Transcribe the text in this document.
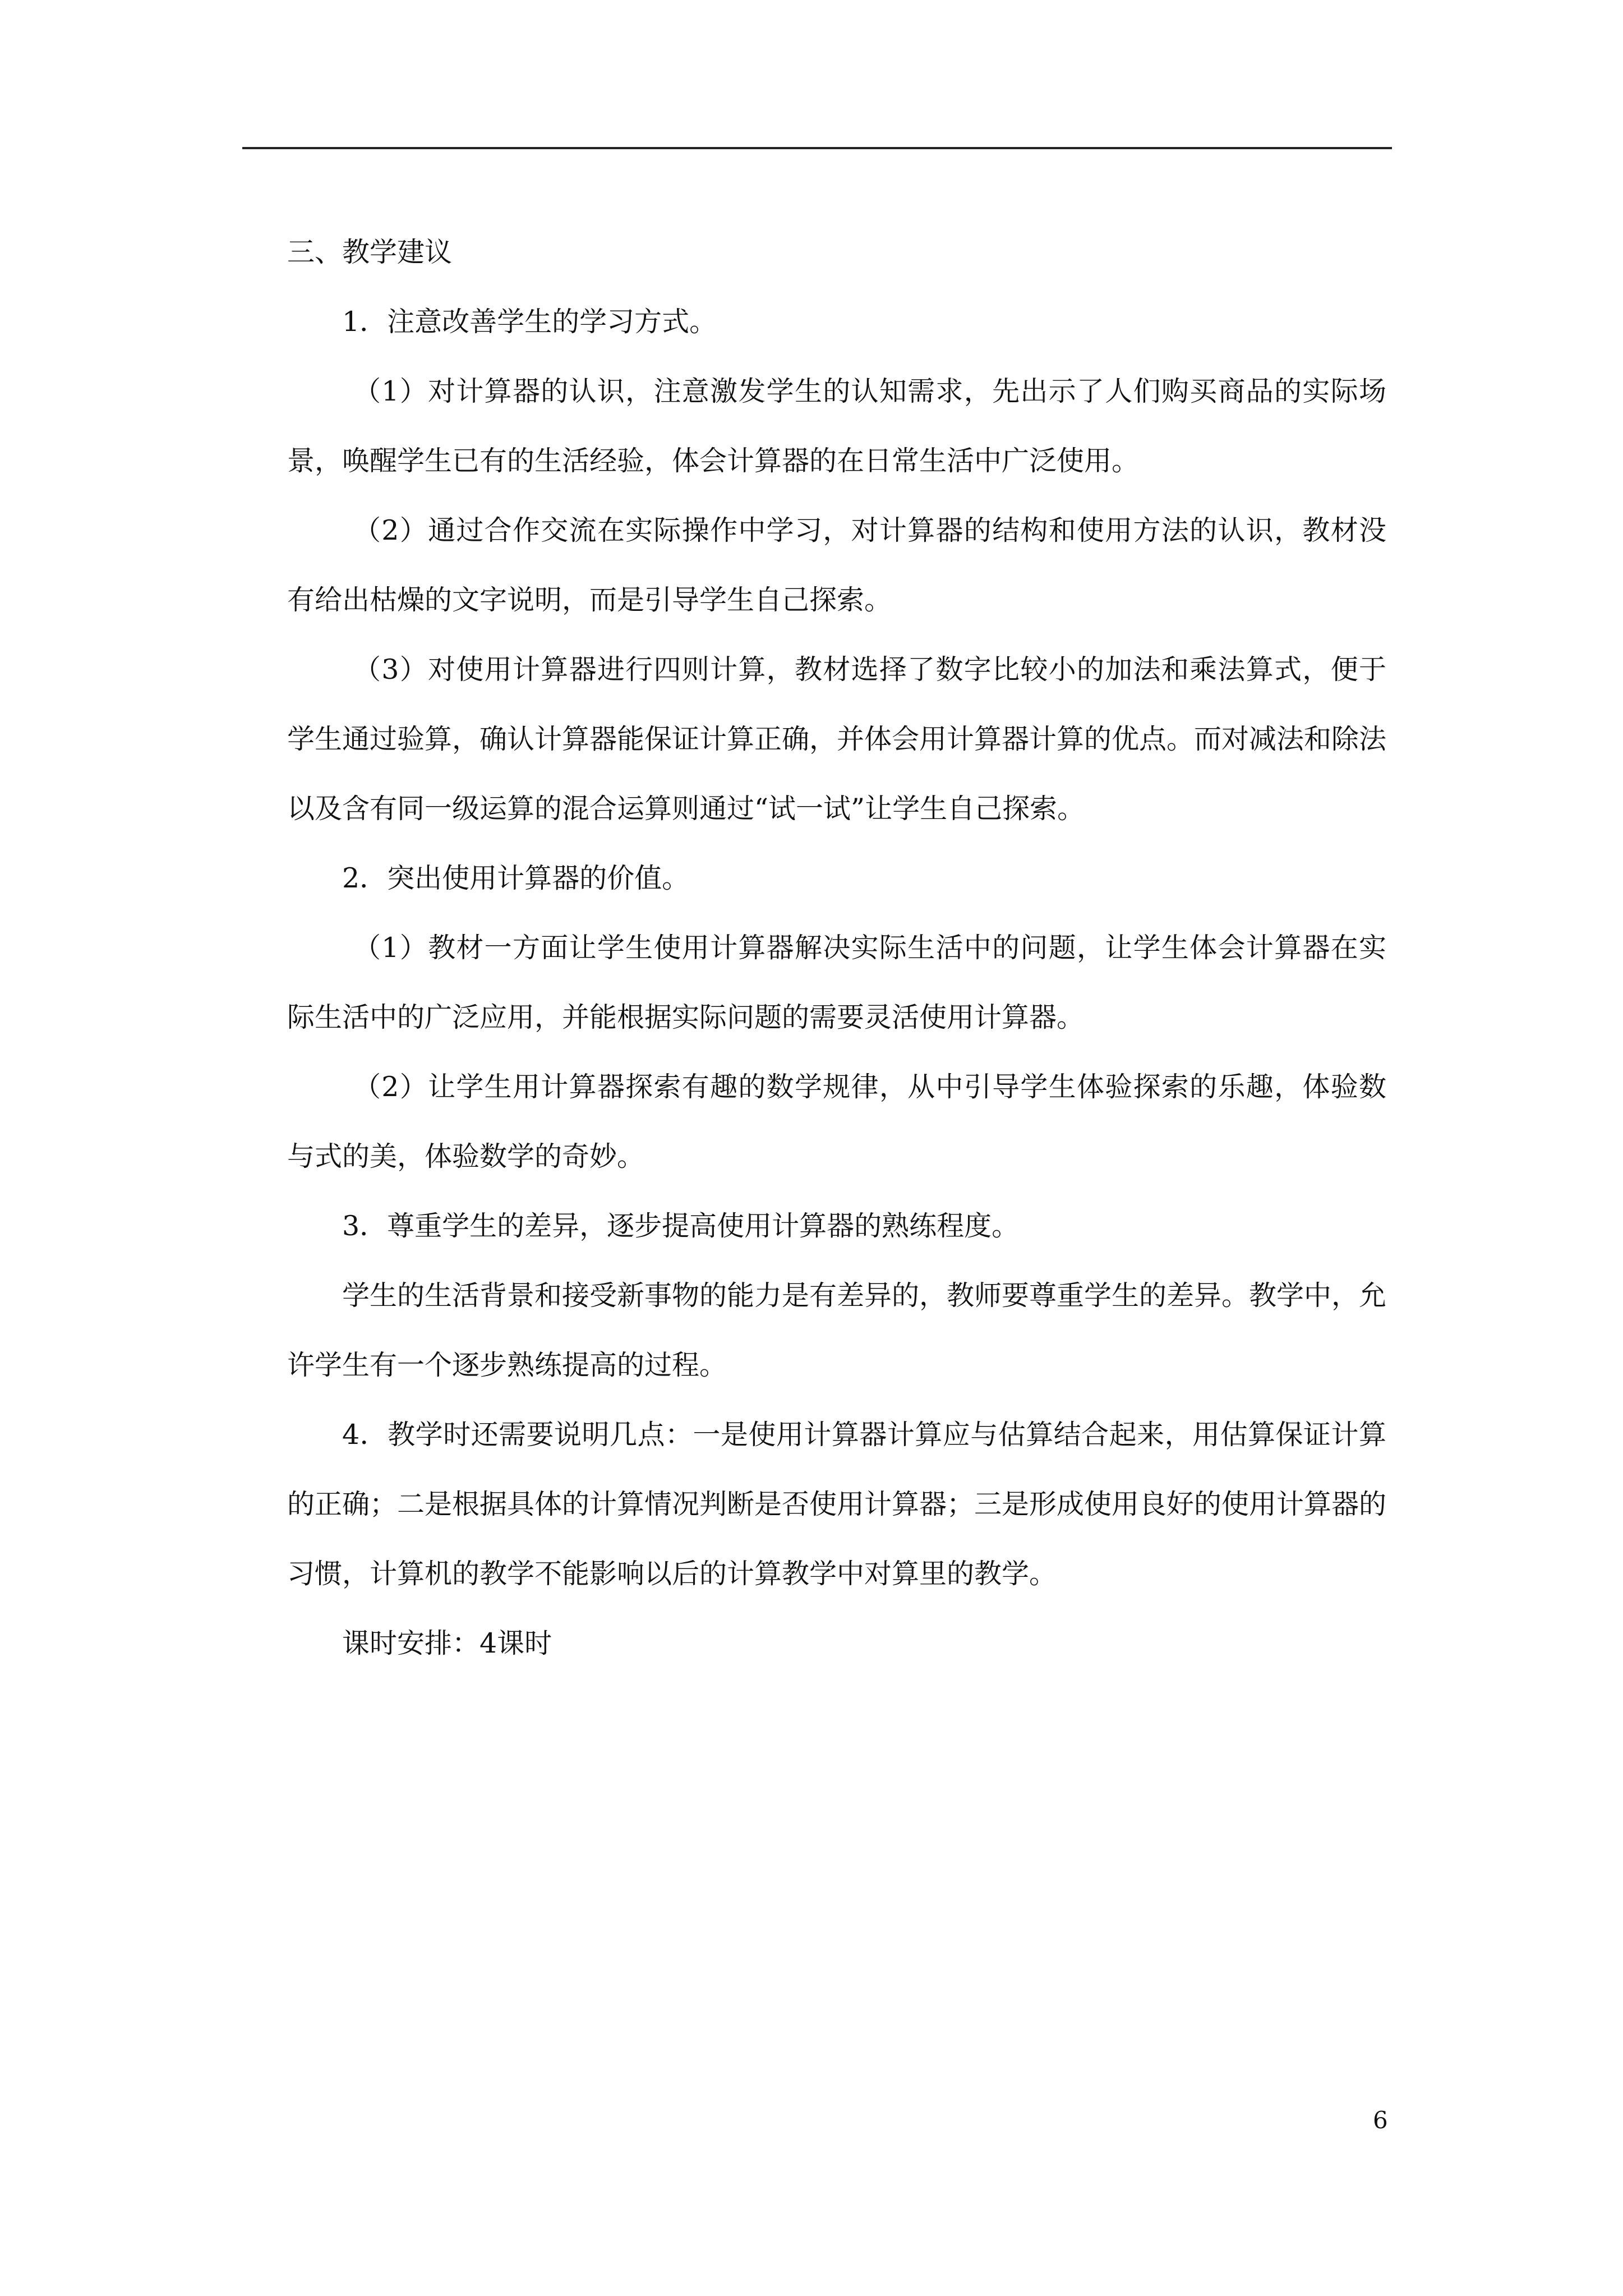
三、教学建议

1．注意改善学生的学习方式。

（1）对计算器的认识，注意激发学生的认知需求，先出示了人们购买商品的实际场景，唤醒学生已有的生活经验，体会计算器的在日常生活中广泛使用。

（2）通过合作交流在实际操作中学习，对计算器的结构和使用方法的认识，教材没有给出枯燥的文字说明，而是引导学生自己探索。

（3）对使用计算器进行四则计算，教材选择了数字比较小的加法和乘法算式，便于学生通过验算，确认计算器能保证计算正确，并体会用计算器计算的优点。而对减法和除法以及含有同一级运算的混合运算则通过“试一试”让学生自己探索。

2．突出使用计算器的价值。

（1）教材一方面让学生使用计算器解决实际生活中的问题，让学生体会计算器在实际生活中的广泛应用，并能根据实际问题的需要灵活使用计算器。

（2）让学生用计算器探索有趣的数学规律，从中引导学生体验探索的乐趣，体验数与式的美，体验数学的奇妙。

3．尊重学生的差异，逐步提高使用计算器的熟练程度。

学生的生活背景和接受新事物的能力是有差异的，教师要尊重学生的差异。教学中，允许学生有一个逐步熟练提高的过程。

4．教学时还需要说明几点：一是使用计算器计算应与估算结合起来，用估算保证计算的正确；二是根据具体的计算情况判断是否使用计算器；三是形成使用良好的使用计算器的习惯，计算机的教学不能影响以后的计算教学中对算里的教学。

课时安排：4课时

6
